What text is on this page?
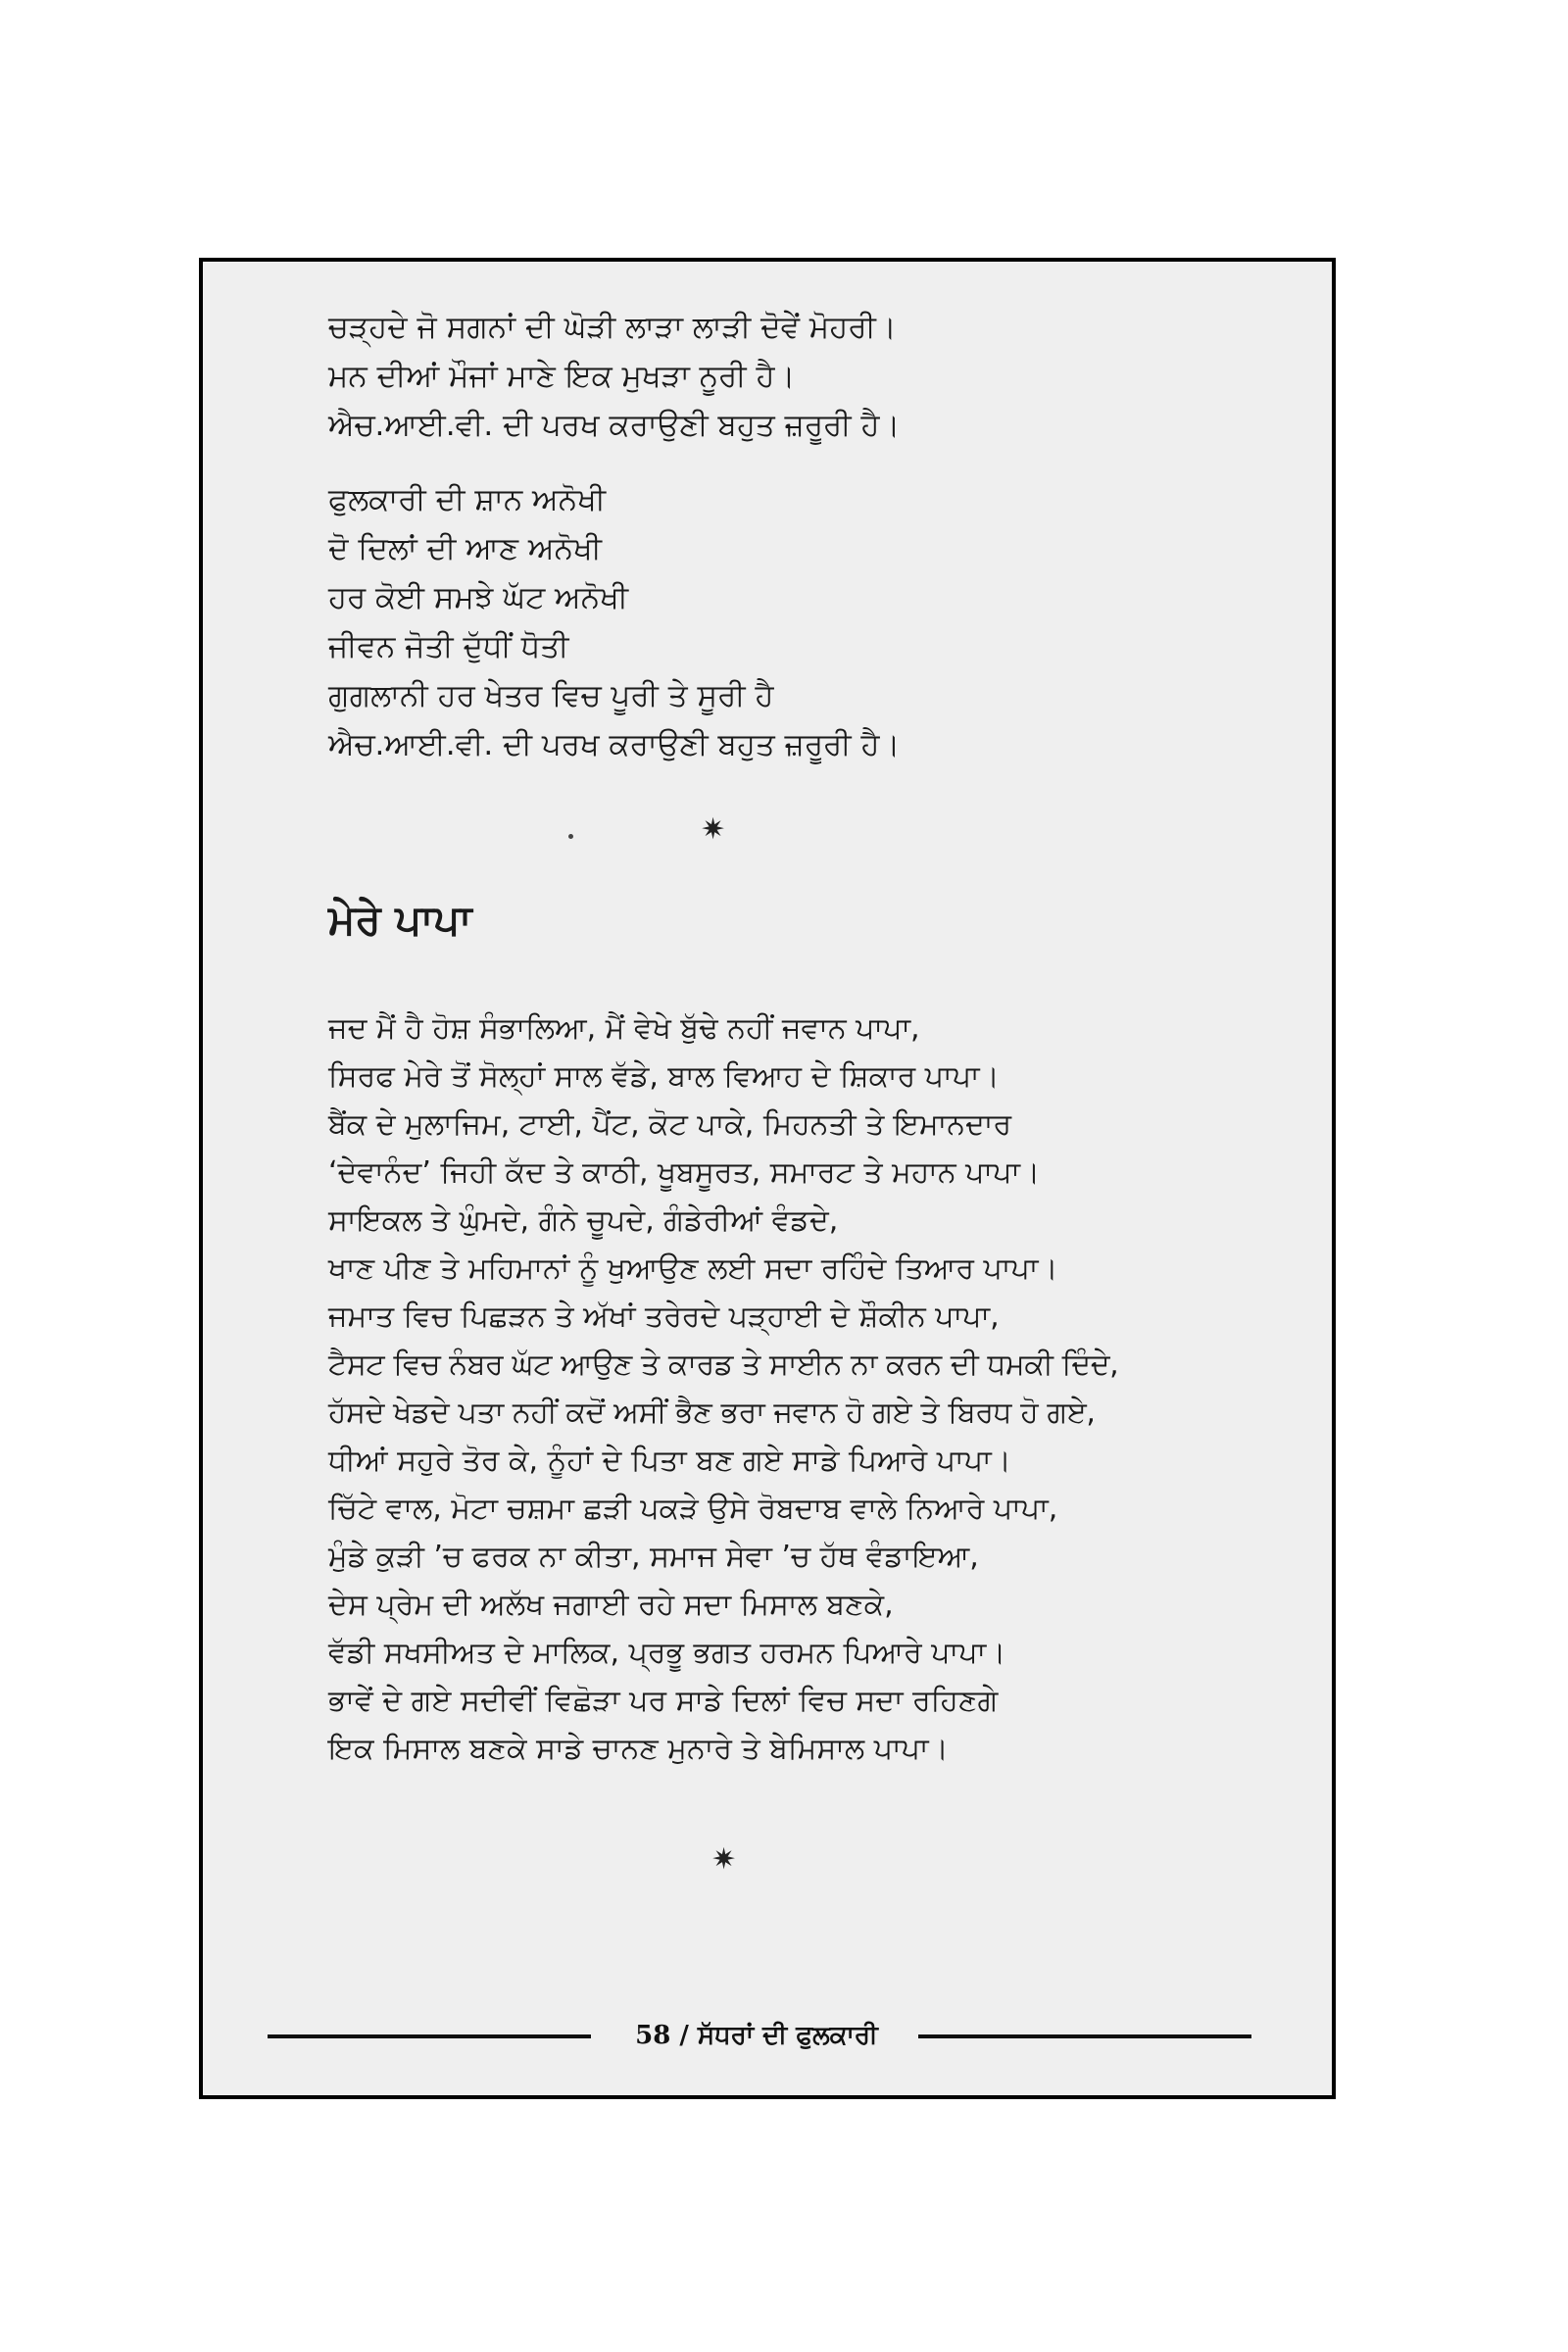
ਚੜ੍ਹਦੇ ਜੋ ਸਗਨਾਂ ਦੀ ਘੋੜੀ ਲਾੜਾ ਲਾੜੀ ਦੋਵੇਂ ਮੋਹਰੀ।
ਮਨ ਦੀਆਂ ਮੌਜਾਂ ਮਾਣੇ ਇਕ ਮੁਖੜਾ ਨੂਰੀ ਹੈ।
ਐਚ.ਆਈ.ਵੀ. ਦੀ ਪਰਖ ਕਰਾਉਣੀ ਬਹੁਤ ਜ਼ਰੂਰੀ ਹੈ।
ਫੁਲਕਾਰੀ ਦੀ ਸ਼ਾਨ ਅਨੋਖੀ
ਦੋ ਦਿਲਾਂ ਦੀ ਆਣ ਅਨੋਖੀ
ਹਰ ਕੋਈ ਸਮਝੇ ਘੱਟ ਅਨੋਖੀ
ਜੀਵਨ ਜੋਤੀ ਦੁੱਧੀਂ ਧੋਤੀ
ਗੁਗਲਾਨੀ ਹਰ ਖੇਤਰ ਵਿਚ ਪੂਰੀ ਤੇ ਸੂਰੀ ਹੈ
ਐਚ.ਆਈ.ਵੀ. ਦੀ ਪਰਖ ਕਰਾਉਣੀ ਬਹੁਤ ਜ਼ਰੂਰੀ ਹੈ।
✷
ਮੇਰੇ ਪਾਪਾ
ਜਦ ਮੈਂ ਹੈ ਹੋਸ਼ ਸੰਭਾਲਿਆ, ਮੈਂ ਵੇਖੇ ਬੁੱਢੇ ਨਹੀਂ ਜਵਾਨ ਪਾਪਾ,
ਸਿਰਫ ਮੇਰੇ ਤੋਂ ਸੋਲ੍ਹਾਂ ਸਾਲ ਵੱਡੇ, ਬਾਲ ਵਿਆਹ ਦੇ ਸ਼ਿਕਾਰ ਪਾਪਾ।
ਬੈਂਕ ਦੇ ਮੁਲਾਜਿਮ, ਟਾਈ, ਪੈਂਟ, ਕੋਟ ਪਾਕੇ, ਮਿਹਨਤੀ ਤੇ ਇਮਾਨਦਾਰ
‘ਦੇਵਾਨੰਦ’ ਜਿਹੀ ਕੱਦ ਤੇ ਕਾਠੀ, ਖੂਬਸੂਰਤ, ਸਮਾਰਟ ਤੇ ਮਹਾਨ ਪਾਪਾ।
ਸਾਇਕਲ ਤੇ ਘੁੰਮਦੇ, ਗੰਨੇ ਚੂਪਦੇ, ਗੰਡੇਰੀਆਂ ਵੰਡਦੇ,
ਖਾਣ ਪੀਣ ਤੇ ਮਹਿਮਾਨਾਂ ਨੂੰ ਖੁਆਉਣ ਲਈ ਸਦਾ ਰਹਿੰਦੇ ਤਿਆਰ ਪਾਪਾ।
ਜਮਾਤ ਵਿਚ ਪਿਛੜਨ ਤੇ ਅੱਖਾਂ ਤਰੇਰਦੇ ਪੜ੍ਹਾਈ ਦੇ ਸ਼ੌਕੀਨ ਪਾਪਾ,
ਟੈਸਟ ਵਿਚ ਨੰਬਰ ਘੱਟ ਆਉਣ ਤੇ ਕਾਰਡ ਤੇ ਸਾਈਨ ਨਾ ਕਰਨ ਦੀ ਧਮਕੀ ਦਿੰਦੇ,
ਹੱਸਦੇ ਖੇਡਦੇ ਪਤਾ ਨਹੀਂ ਕਦੋਂ ਅਸੀਂ ਭੈਣ ਭਰਾ ਜਵਾਨ ਹੋ ਗਏ ਤੇ ਬਿਰਧ ਹੋ ਗਏ,
ਧੀਆਂ ਸਹੁਰੇ ਤੋਰ ਕੇ, ਨੂੰਹਾਂ ਦੇ ਪਿਤਾ ਬਣ ਗਏ ਸਾਡੇ ਪਿਆਰੇ ਪਾਪਾ।
ਚਿੱਟੇ ਵਾਲ, ਮੋਟਾ ਚਸ਼ਮਾ ਛੜੀ ਪਕੜੇ ਉਸੇ ਰੋਬਦਾਬ ਵਾਲੇ ਨਿਆਰੇ ਪਾਪਾ,
ਮੁੰਡੇ ਕੁੜੀ ’ਚ ਫਰਕ ਨਾ ਕੀਤਾ, ਸਮਾਜ ਸੇਵਾ ’ਚ ਹੱਥ ਵੰਡਾਇਆ,
ਦੇਸ ਪ੍ਰੇਮ ਦੀ ਅਲੱਖ ਜਗਾਈ ਰਹੇ ਸਦਾ ਮਿਸਾਲ ਬਣਕੇ,
ਵੱਡੀ ਸਖਸੀਅਤ ਦੇ ਮਾਲਿਕ, ਪ੍ਰਭੂ ਭਗਤ ਹਰਮਨ ਪਿਆਰੇ ਪਾਪਾ।
ਭਾਵੇਂ ਦੇ ਗਏ ਸਦੀਵੀਂ ਵਿਛੋੜਾ ਪਰ ਸਾਡੇ ਦਿਲਾਂ ਵਿਚ ਸਦਾ ਰਹਿਣਗੇ
ਇਕ ਮਿਸਾਲ ਬਣਕੇ ਸਾਡੇ ਚਾਨਣ ਮੁਨਾਰੇ ਤੇ ਬੇਮਿਸਾਲ ਪਾਪਾ।
✷
58 / ਸੱਧਰਾਂ ਦੀ ਫੁਲਕਾਰੀ
